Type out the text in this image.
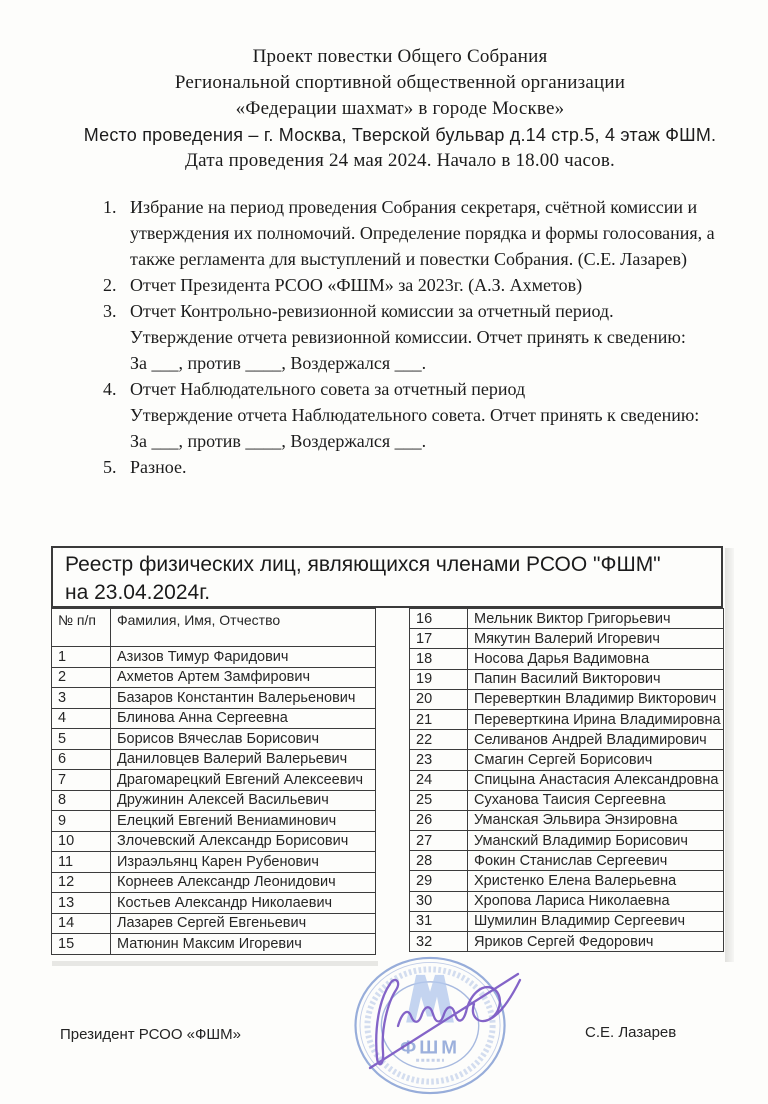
Проект повестки Общего Собрания
Региональной спортивной общественной организации
«Федерации шахмат» в городе Москве»
Место проведения – г. Москва, Тверской бульвар д.14 стр.5, 4 этаж ФШМ.
Дата проведения 24 мая 2024. Начало в 18.00 часов.
1. Избрание на период проведения Собрания секретаря, счётной комиссии и
утверждения их полномочий. Определение порядка и формы голосования, а
также регламента для выступлений и повестки Собрания. (С.Е. Лазарев)
2. Отчет Президента РСОО «ФШМ» за 2023г. (А.З. Ахметов)
3. Отчет Контрольно-ревизионной комиссии за отчетный период.
Утверждение отчета ревизионной комиссии. Отчет принять к сведению:
За ___, против ____, Воздержался ___.
4. Отчет Наблюдательного совета за отчетный период
Утверждение отчета Наблюдательного совета. Отчет принять к сведению:
За ___, против ____, Воздержался ___.
5. Разное.
Реестр физических лиц, являющихся членами РСОО "ФШМ"
на 23.04.2024г.
№ п/п	Фамилия, Имя, Отчество
1	Азизов Тимур Фаридович
2	Ахметов Артем Замфирович
3	Базаров Константин Валерьенович
4	Блинова Анна Сергеевна
5	Борисов Вячеслав Борисович
6	Даниловцев Валерий Валерьевич
7	Драгомарецкий Евгений Алексеевич
8	Дружинин Алексей Васильевич
9	Елецкий Евгений Вениаминович
10	Злочевский Александр Борисович
11	Израэльянц Карен Рубенович
12	Корнеев Александр Леонидович
13	Костьев Александр Николаевич
14	Лазарев Сергей Евгеньевич
15	Матюнин Максим Игоревич
16	Мельник Виктор Григорьевич
17	Мякутин Валерий Игоревич
18	Носова Дарья Вадимовна
19	Папин Василий Викторович
20	Переверткин Владимир Викторович
21	Переверткина Ирина Владимировна
22	Селиванов Андрей Владимирович
23	Смагин Сергей Борисович
24	Спицына Анастасия Александровна
25	Суханова Таисия Сергеевна
26	Уманская Эльвира Энзировна
27	Уманский Владимир Борисович
28	Фокин Станислав Сергеевич
29	Христенко Елена Валерьевна
30	Хропова Лариса Николаевна
31	Шумилин Владимир Сергеевич
32	Яриков Сергей Федорович
ФШМ
Президент РСОО «ФШМ»	С.Е. Лазарев
